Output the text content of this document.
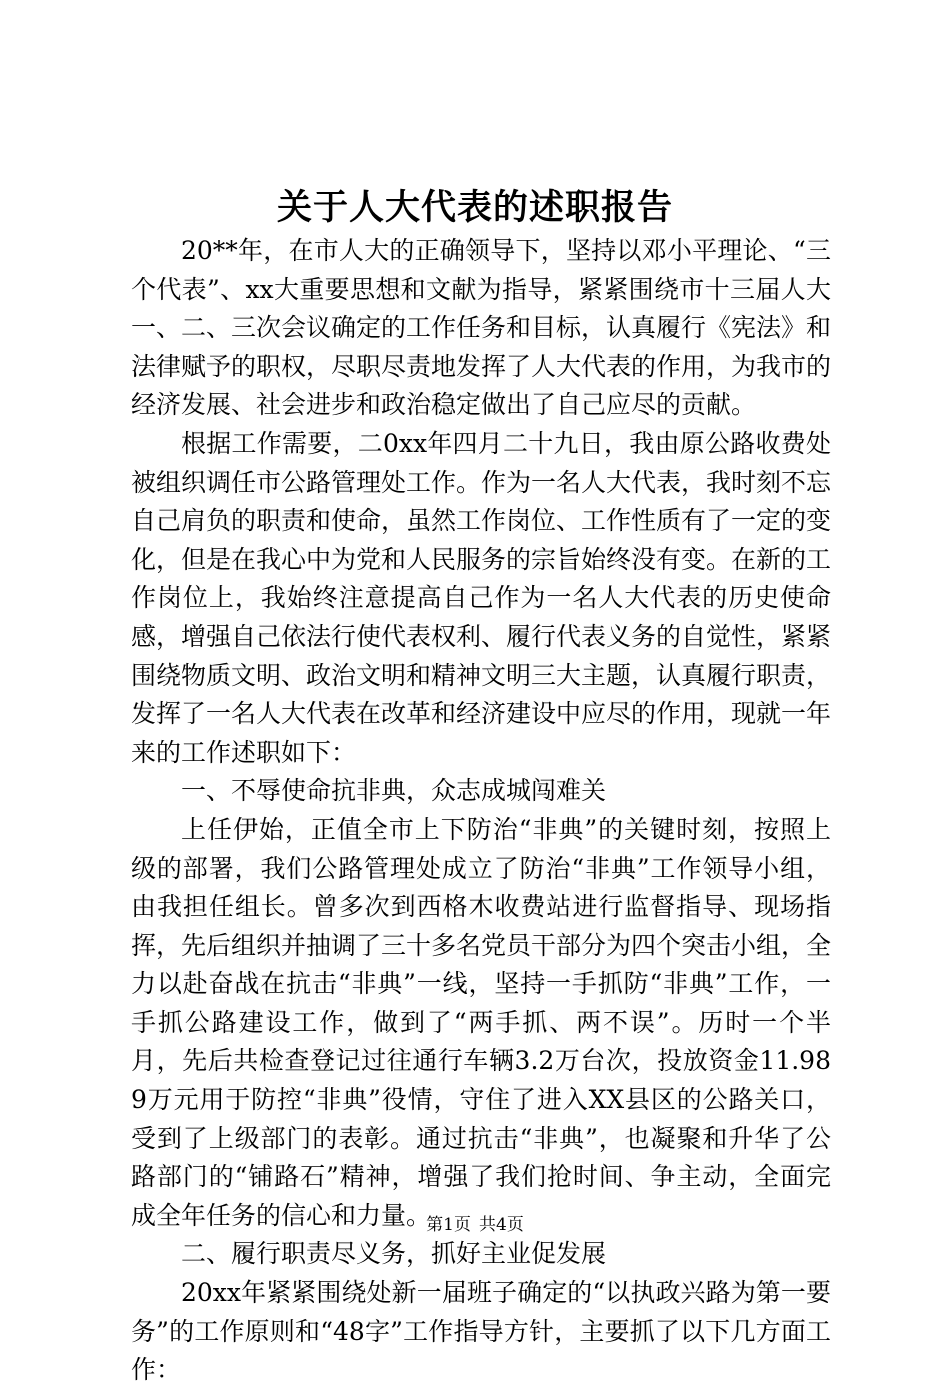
关于人大代表的述职报告

20**年，在市人大的正确领导下，坚持以邓小平理论、“三个代表”、xx大重要思想和文献为指导，紧紧围绕市十三届人大一、二、三次会议确定的工作任务和目标，认真履行《宪法》和法律赋予的职权，尽职尽责地发挥了人大代表的作用，为我市的经济发展、社会进步和政治稳定做出了自己应尽的贡献。

根据工作需要，二0xx年四月二十九日，我由原公路收费处被组织调任市公路管理处工作。作为一名人大代表，我时刻不忘自己肩负的职责和使命，虽然工作岗位、工作性质有了一定的变化，但是在我心中为党和人民服务的宗旨始终没有变。在新的工作岗位上，我始终注意提高自己作为一名人大代表的历史使命感，增强自己依法行使代表权利、履行代表义务的自觉性，紧紧围绕物质文明、政治文明和精神文明三大主题，认真履行职责，发挥了一名人大代表在改革和经济建设中应尽的作用，现就一年来的工作述职如下：

一、不辱使命抗非典，众志成城闯难关

上任伊始，正值全市上下防治“非典”的关键时刻，按照上级的部署，我们公路管理处成立了防治“非典”工作领导小组，由我担任组长。曾多次到西格木收费站进行监督指导、现场指挥，先后组织并抽调了三十多名党员干部分为四个突击小组，全力以赴奋战在抗击“非典”一线，坚持一手抓防“非典”工作，一手抓公路建设工作，做到了“两手抓、两不误”。历时一个半月，先后共检查登记过往通行车辆3.2万台次，投放资金11.989万元用于防控“非典”役情，守住了进入XX县区的公路关口，受到了上级部门的表彰。通过抗击“非典”，也凝聚和升华了公路部门的“铺路石”精神，增强了我们抢时间、争主动，全面完成全年任务的信心和力量。

二、履行职责尽义务，抓好主业促发展

20xx年紧紧围绕处新一届班子确定的“以执政兴路为第一要务”的工作原则和“48字”工作指导方针，主要抓了以下几方面工作：

第1页 共4页
